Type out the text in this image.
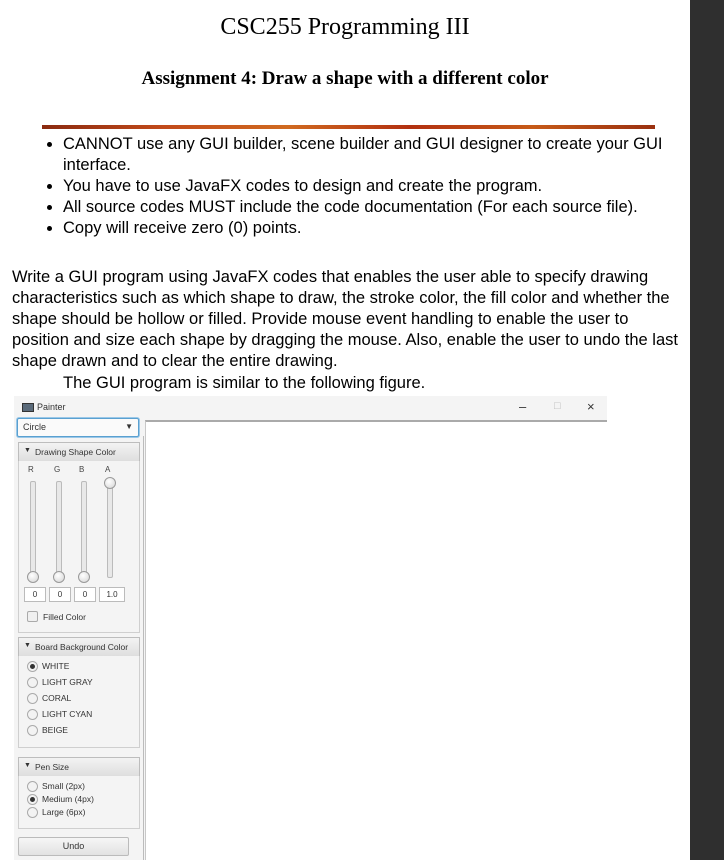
CSC255 Programming III
Assignment 4: Draw a shape with a different color
• CANNOT use any GUI builder, scene builder and GUI designer to create your GUI interface.
• You have to use JavaFX codes to design and create the program.
• All source codes MUST include the code documentation (For each source file).
• Copy will receive zero (0) points.

Write a GUI program using JavaFX codes that enables the user able to specify drawing characteristics such as which shape to draw, the stroke color, the fill color and whether the shape should be hollow or filled. Provide mouse event handling to enable the user to position and size each shape by dragging the mouse. Also, enable the user to undo the last shape drawn and to clear the entire drawing.

The GUI program is similar to the following figure.
Painter	–	□ ×
▼ Drawing Shape Color
R	G B	A
0	0	0	1.0
Filled Color
▼ Board Background Color
WHITE
LIGHT GRAY
CORAL
LIGHT CYAN
BEIGE
▼ Pen Size
Small (2px)
Medium (4px)
Large (6px)
Undo
Circle	▼
